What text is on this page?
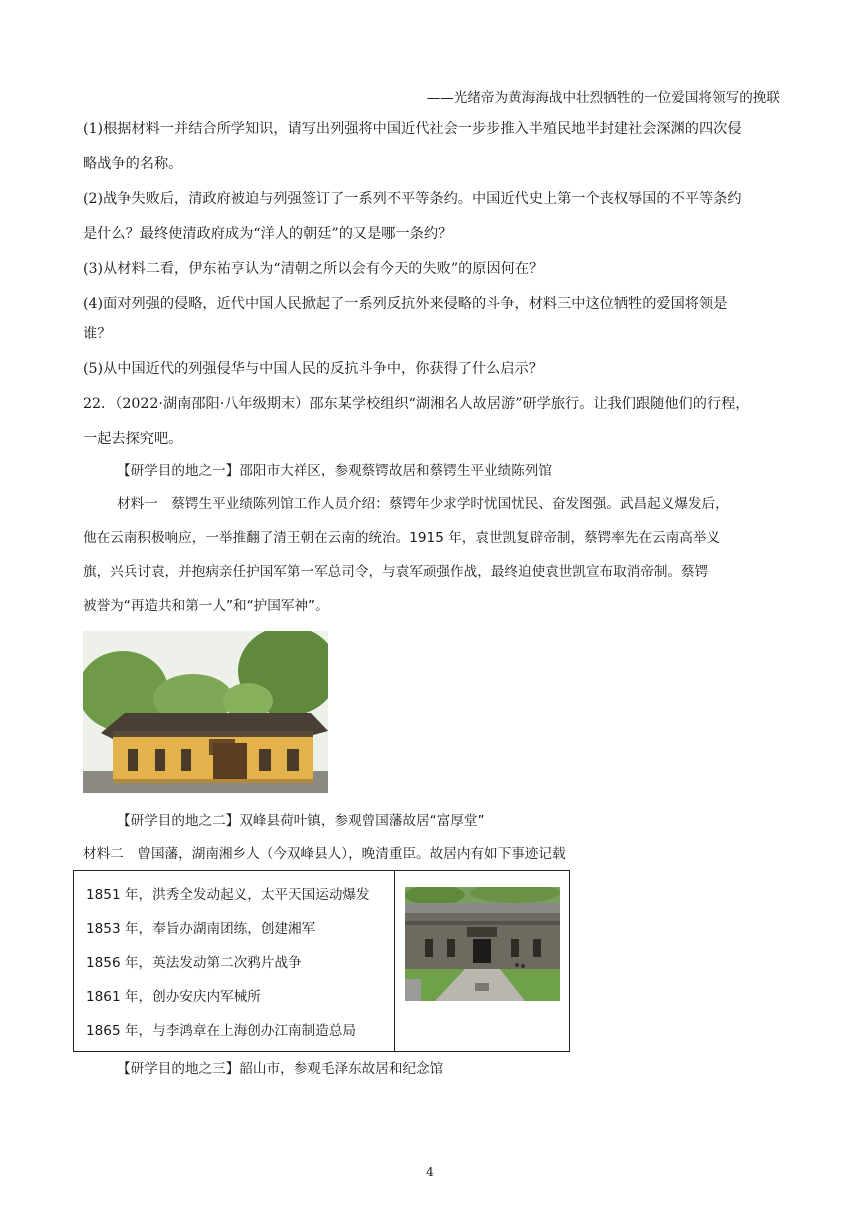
——光绪帝为黄海海战中壮烈牺牲的一位爱国将领写的挽联
(1)根据材料一并结合所学知识，请写出列强将中国近代社会一步步推入半殖民地半封建社会深渊的四次侵
略战争的名称。
(2)战争失败后，清政府被迫与列强签订了一系列不平等条约。中国近代史上第一个丧权辱国的不平等条约
是什么？最终使清政府成为“洋人的朝廷”的又是哪一条约？
(3)从材料二看，伊东祐亨认为“清朝之所以会有今天的失败”的原因何在？
(4)面对列强的侵略，近代中国人民掀起了一系列反抗外来侵略的斗争，材料三中这位牺牲的爱国将领是
谁？
(5)从中国近代的列强侵华与中国人民的反抗斗争中，你获得了什么启示？
22．（2022·湖南邵阳·八年级期末）邵东某学校组织“湖湘名人故居游”研学旅行。让我们跟随他们的行程，
一起去探究吧。
【研学目的地之一】邵阳市大祥区，参观蔡锷故居和蔡锷生平业绩陈列馆
材料一　蔡锷生平业绩陈列馆工作人员介绍：蔡锷年少求学时忧国忧民、奋发图强。武昌起义爆发后，
他在云南积极响应，一举推翻了清王朝在云南的统治。1915 年，袁世凯复辟帝制，蔡锷率先在云南高举义
旗，兴兵讨袁，并抱病亲任护国军第一军总司令，与袁军顽强作战，最终迫使袁世凯宣布取消帝制。蔡锷
被誉为“再造共和第一人”和“护国军神”。
【研学目的地之二】双峰县荷叶镇，参观曾国藩故居“富厚堂”
材料二　曾国藩，湖南湘乡人（今双峰县人），晚清重臣。故居内有如下事迹记载
1851 年，洪秀全发动起义，太平天国运动爆发
1853 年，奉旨办湖南团练，创建湘军
1856 年，英法发动第二次鸦片战争
1861 年，创办安庆内军械所
1865 年，与李鸿章在上海创办江南制造总局

【研学目的地之三】韶山市，参观毛泽东故居和纪念馆
4
